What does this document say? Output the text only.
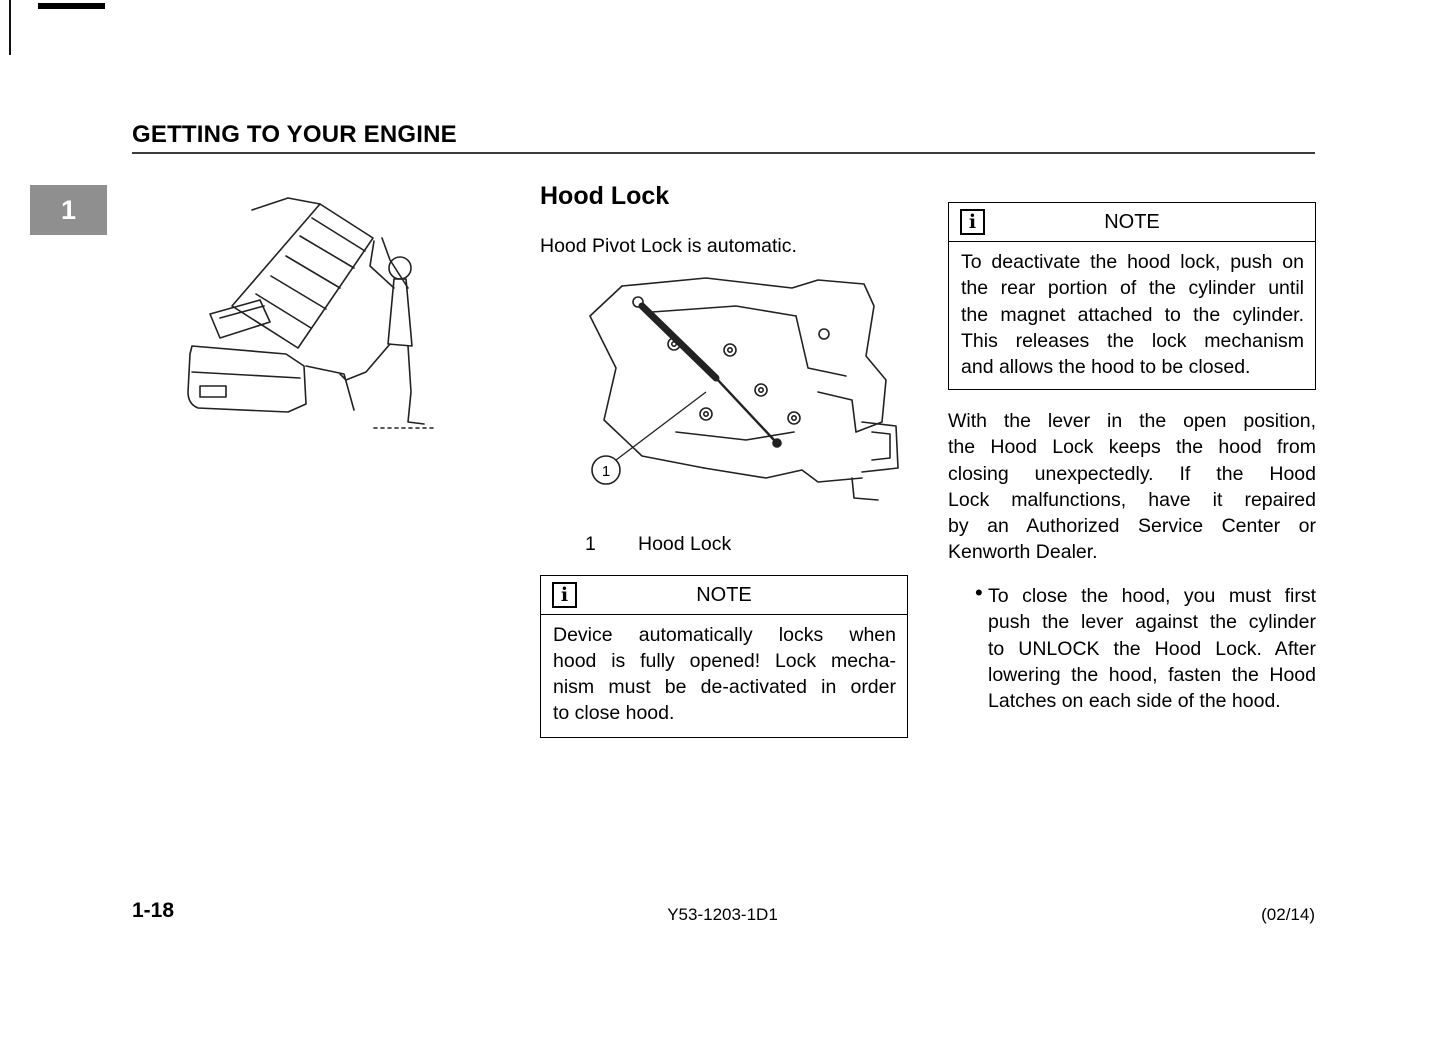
GETTING TO YOUR ENGINE
1	Hood Lock

Hood Pivot Lock is automatic.

1
1 Hood Lock
i	NOTE
Device automatically locks when
hood is fully opened! Lock mecha-
nism must be de-activated in order
to close hood.
i	NOTE
To deactivate the hood lock, push on
the rear portion of the cylinder until
the magnet attached to the cylinder.
This releases the lock mechanism
and allows the hood to be closed.
With the lever in the open position,
the Hood Lock keeps the hood from
closing unexpectedly. If the Hood
Lock malfunctions, have it repaired
by an Authorized Service Center or
Kenworth Dealer.
• To close the hood, you must first
push the lever against the cylinder
to UNLOCK the Hood Lock. After
lowering the hood, fasten the Hood
Latches on each side of the hood.
1-18	Y53-1203-1D1	(02/14)
